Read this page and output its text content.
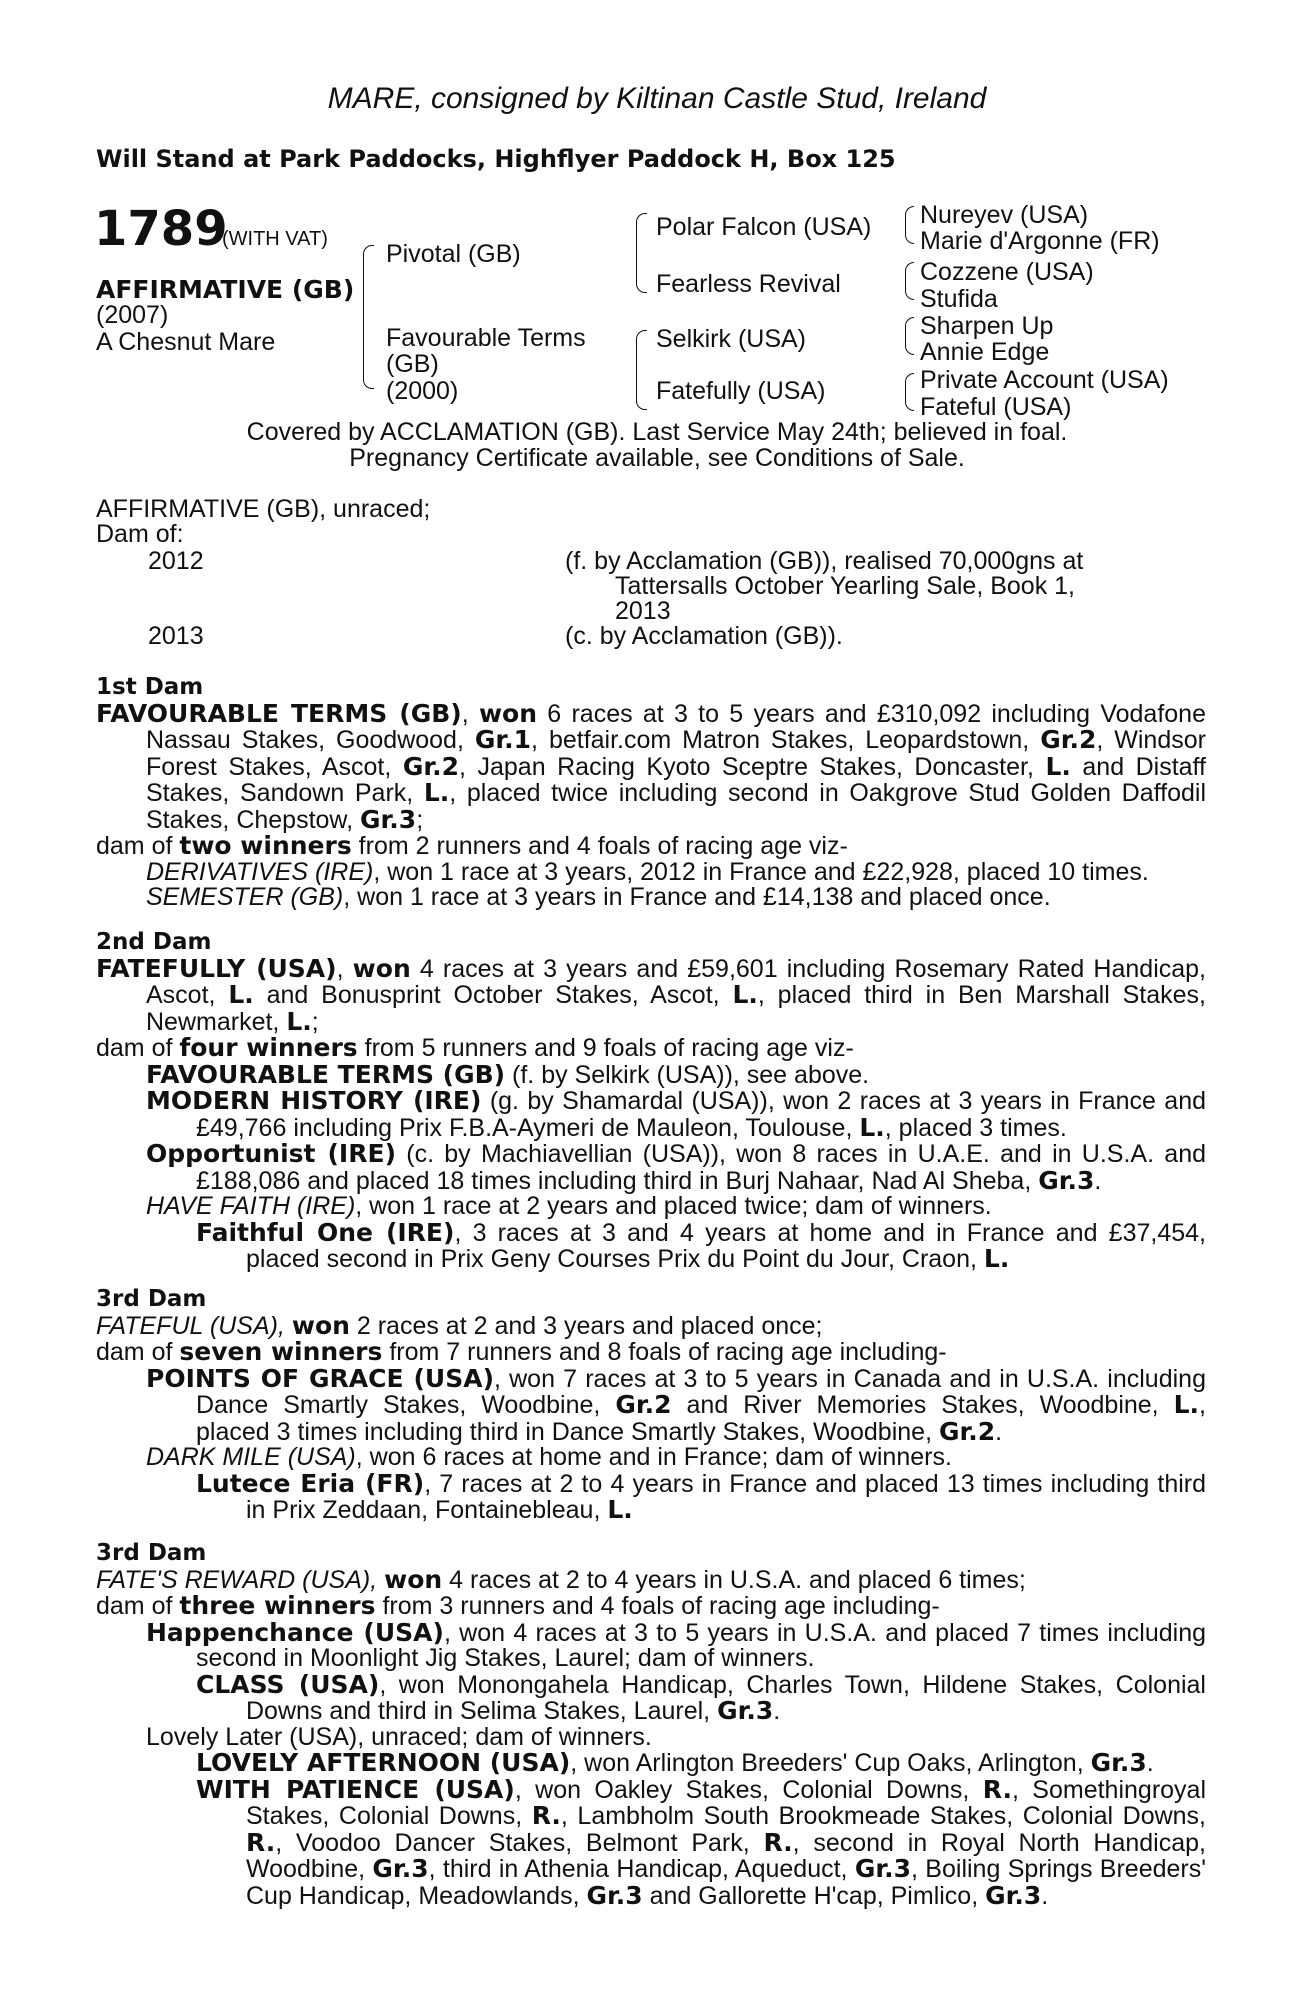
MARE, consigned by Kiltinan Castle Stud, Ireland
Will Stand at Park Paddocks, Highflyer Paddock H, Box 125
1789
(WITH VAT)
AFFIRMATIVE (GB)
(2007)
A Chesnut Mare
Pivotal (GB)
Favourable Terms
(GB)
(2000)
Polar Falcon (USA)
Fearless Revival
Selkirk (USA)
Fatefully (USA)
Nureyev (USA)
Marie d'Argonne (FR)
Cozzene (USA)
Stufida
Sharpen Up
Annie Edge
Private Account (USA)
Fateful (USA)
Covered by ACCLAMATION (GB). Last Service May 24th; believed in foal.
Pregnancy Certificate available, see Conditions of Sale.
AFFIRMATIVE (GB), unraced;
Dam of:
2012	(f. by Acclamation (GB)), realised 70,000gns at
Tattersalls October Yearling Sale, Book 1,
2013
2013	(c. by Acclamation (GB)).

1st Dam

FAVOURABLE TERMS (GB), won 6 races at 3 to 5 years and £310,092 including Vodafone Nassau Stakes, Goodwood, Gr.1, betfair.com Matron Stakes, Leopardstown, Gr.2, Windsor Forest Stakes, Ascot, Gr.2, Japan Racing Kyoto Sceptre Stakes, Doncaster, L. and Distaff Stakes, Sandown Park, L., placed twice including second in Oakgrove Stud Golden Daffodil Stakes, Chepstow, Gr.3;

dam of two winners from 2 runners and 4 foals of racing age viz-

DERIVATIVES (IRE), won 1 race at 3 years, 2012 in France and £22,928, placed 10 times.

SEMESTER (GB), won 1 race at 3 years in France and £14,138 and placed once.

2nd Dam

FATEFULLY (USA), won 4 races at 3 years and £59,601 including Rosemary Rated Handicap, Ascot, L. and Bonusprint October Stakes, Ascot, L., placed third in Ben Marshall Stakes, Newmarket, L.;

dam of four winners from 5 runners and 9 foals of racing age viz-

FAVOURABLE TERMS (GB) (f. by Selkirk (USA)), see above.

MODERN HISTORY (IRE) (g. by Shamardal (USA)), won 2 races at 3 years in France and £49,766 including Prix F.B.A-Aymeri de Mauleon, Toulouse, L., placed 3 times.

Opportunist (IRE) (c. by Machiavellian (USA)), won 8 races in U.A.E. and in U.S.A. and £188,086 and placed 18 times including third in Burj Nahaar, Nad Al Sheba, Gr.3.

HAVE FAITH (IRE), won 1 race at 2 years and placed twice; dam of winners.

Faithful One (IRE), 3 races at 3 and 4 years at home and in France and £37,454, placed second in Prix Geny Courses Prix du Point du Jour, Craon, L.

3rd Dam

FATEFUL (USA), won 2 races at 2 and 3 years and placed once;

dam of seven winners from 7 runners and 8 foals of racing age including-

POINTS OF GRACE (USA), won 7 races at 3 to 5 years in Canada and in U.S.A. including Dance Smartly Stakes, Woodbine, Gr.2 and River Memories Stakes, Woodbine, L., placed 3 times including third in Dance Smartly Stakes, Woodbine, Gr.2.

DARK MILE (USA), won 6 races at home and in France; dam of winners.

Lutece Eria (FR), 7 races at 2 to 4 years in France and placed 13 times including third in Prix Zeddaan, Fontainebleau, L.

3rd Dam

FATE'S REWARD (USA), won 4 races at 2 to 4 years in U.S.A. and placed 6 times;

dam of three winners from 3 runners and 4 foals of racing age including-

Happenchance (USA), won 4 races at 3 to 5 years in U.S.A. and placed 7 times including second in Moonlight Jig Stakes, Laurel; dam of winners.

CLASS (USA), won Monongahela Handicap, Charles Town, Hildene Stakes, Colonial Downs and third in Selima Stakes, Laurel, Gr.3.

Lovely Later (USA), unraced; dam of winners.

LOVELY AFTERNOON (USA), won Arlington Breeders' Cup Oaks, Arlington, Gr.3.

WITH PATIENCE (USA), won Oakley Stakes, Colonial Downs, R., Somethingroyal Stakes, Colonial Downs, R., Lambholm South Brookmeade Stakes, Colonial Downs, R., Voodoo Dancer Stakes, Belmont Park, R., second in Royal North Handicap, Woodbine, Gr.3, third in Athenia Handicap, Aqueduct, Gr.3, Boiling Springs Breeders' Cup Handicap, Meadowlands, Gr.3 and Gallorette H'cap, Pimlico, Gr.3.
